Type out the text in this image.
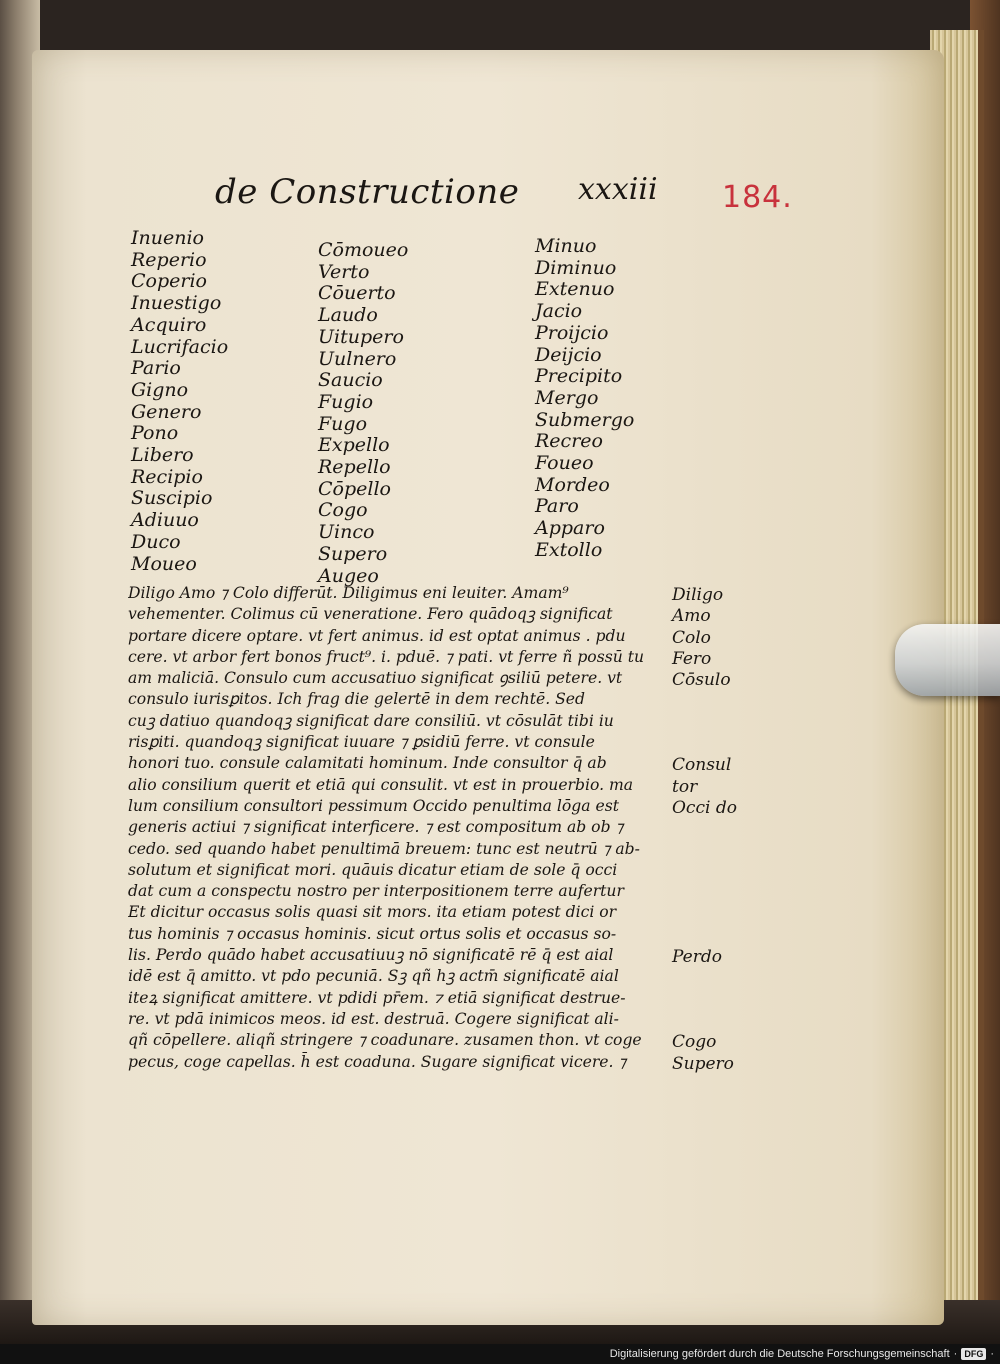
de Constructione xxxiii 184.
Inuenio
Reperio
Coperio
Inuestigo
Acquiro
Lucrifacio
Pario
Gigno
Genero
Pono
Libero
Recipio
Suscipio
Adiuuo
Duco
Moueo
Cōmoueo
Verto
Cōuerto
Laudo
Uitupero
Uulnero
Saucio
Fugio
Fugo
Expello
Repello
Cōpello
Cogo
Uinco
Supero
Augeo
Minuo
Diminuo
Extenuo
Jacio
Proijcio
Deijcio
Precipito
Mergo
Submergo
Recreo
Foueo
Mordeo
Paro
Apparo
Extollo
Diligo Amo ⁊ Colo differūt. Diligimus eni leuiter. Amam⁹
vehementer. Colimus cū veneratione. Fero quādoqꝫ significat
portare dicere optare. vt fert animus. id est optat animus . pdu
cere. vt arbor fert bonos fruct⁹. i. pduē. ⁊ pati. vt ferre ñ possū tu
am maliciā. Consulo cum accusatiuo significat ꝯsiliū petere. vt
consulo iurisꝑitos. Ich frag die gelertē in dem rechtē. Sed
cuꝫ datiuo quandoqꝫ significat dare consiliū. vt cōsulāt tibi iu
risꝑiti. quandoqꝫ significat iuuare ⁊ ꝑsidiū ferre. vt consule
honori tuo. consule calamitati hominum. Inde consultor q̄ ab
alio consilium querit et etiā qui consulit. vt est in prouerbio. ma
lum consilium consultori pessimum Occido penultima lōga est
generis actiui ⁊ significat interficere. ⁊ est compositum ab ob ⁊
cedo. sed quando habet penultimā breuem: tunc est neutrū ⁊ ab-
solutum et significat mori. quāuis dicatur etiam de sole q̄ occi
dat cum a conspectu nostro per interpositionem terre aufertur
Et dicitur occasus solis quasi sit mors. ita etiam potest dici or
tus hominis ⁊ occasus hominis. sicut ortus solis et occasus so-
lis. Perdo quādo habet accusatiuuꝫ nō significatē rē q̄ est aial
idē est q̄ amitto. vt pdo pecuniā. Sꝫ qñ hꝫ actm̄ significatē aial
iteꝝ significat amittere. vt pdidi pr̄em. ⁊ etiā significat destrue-
re. vt pdā inimicos meos. id est. destruā. Cogere significat ali-
qñ cōpellere. aliqñ stringere ⁊ coadunare. zusamen thon. vt coge
pecus, coge capellas. h̄ est coaduna. Sugare significat vicere. ⁊
Diligo
Amo
Colo
Fero
Cōsulo
Consul
tor
Occi do
Perdo
Cogo
Supero
Digitalisierung gefördert durch die Deutsche Forschungsgemeinschaft · DFG ·
